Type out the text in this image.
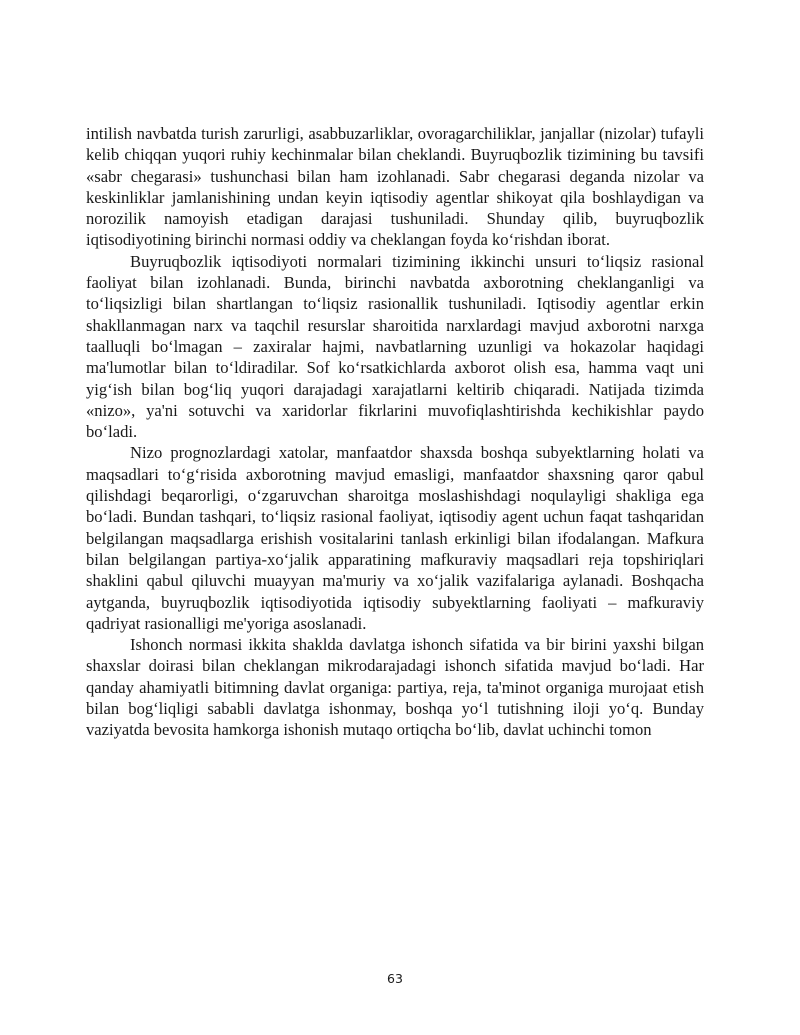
intilish navbatda turish zarurligi, asabbuzarliklar, ovoragarchiliklar, janjallar (nizolar) tufayli kelib chiqqan yuqori ruhiy kechinmalar bilan cheklandi. Buyruqbozlik tizimining bu tavsifi «sabr chegarasi» tushunchasi bilan ham izohlanadi. Sabr chegarasi deganda nizolar va keskinliklar jamlanishining undan keyin iqtisodiy agentlar shikoyat qila boshlaydigan va norozilik namoyish etadigan darajasi tushuniladi. Shunday qilib, buyruqbozlik iqtisodiyotining birinchi normasi oddiy va cheklangan foyda koʻrishdan iborat.

Buyruqbozlik iqtisodiyoti normalari tizimining ikkinchi unsuri toʻliqsiz rasional faoliyat bilan izohlanadi. Bunda, birinchi navbatda axborotning cheklanganligi va toʻliqsizligi bilan shartlangan toʻliqsiz rasionallik tushuniladi. Iqtisodiy agentlar erkin shakllanmagan narx va taqchil resurslar sharoitida narxlardagi mavjud axborotni narxga taalluqli boʻlmagan – zaxiralar hajmi, navbatlarning uzunligi va hokazolar haqidagi ma'lumotlar bilan toʻldiradilar. Sof koʻrsatkichlarda axborot olish esa, hamma vaqt uni yigʻish bilan bogʻliq yuqori darajadagi xarajatlarni keltirib chiqaradi. Natijada tizimda «nizo», ya'ni sotuvchi va xaridorlar fikrlarini muvofiqlashtirishda kechikishlar paydo boʻladi.

Nizo prognozlardagi xatolar, manfaatdor shaxsda boshqa subyektlarning holati va maqsadlari toʻgʻrisida axborotning mavjud emasligi, manfaatdor shaxsning qaror qabul qilishdagi beqarorligi, oʻzgaruvchan sharoitga moslashishdagi noqulayligi shakliga ega boʻladi. Bundan tashqari, toʻliqsiz rasional faoliyat, iqtisodiy agent uchun faqat tashqaridan belgilangan maqsadlarga erishish vositalarini tanlash erkinligi bilan ifodalangan. Mafkura bilan belgilangan partiya-xoʻjalik apparatining mafkuraviy maqsadlari reja topshiriqlari shaklini qabul qiluvchi muayyan ma'muriy va xoʻjalik vazifalariga aylanadi. Boshqacha aytganda, buyruqbozlik iqtisodiyotida iqtisodiy subyektlarning faoliyati – mafkuraviy qadriyat rasionalligi me'yoriga asoslanadi.

Ishonch normasi ikkita shaklda davlatga ishonch sifatida va bir birini yaxshi bilgan shaxslar doirasi bilan cheklangan mikrodarajadagi ishonch sifatida mavjud boʻladi. Har qanday ahamiyatli bitimning davlat organiga: partiya, reja, ta'minot organiga murojaat etish bilan bogʻliqligi sababli davlatga ishonmay, boshqa yoʻl tutishning iloji yoʻq. Bunday vaziyatda bevosita hamkorga ishonish mutaqo ortiqcha boʻlib, davlat uchinchi tomon

63
